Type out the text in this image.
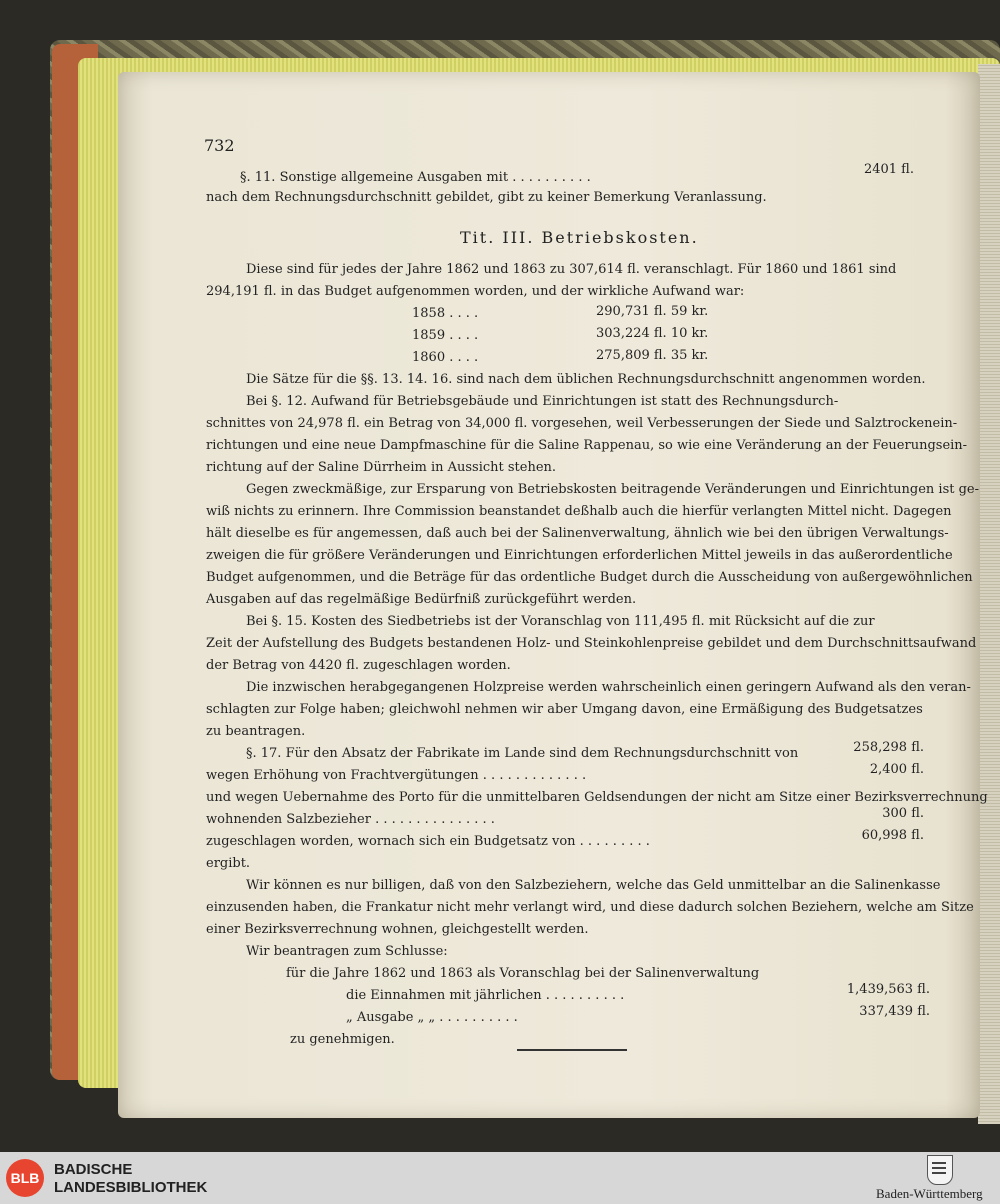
732
§. 11. Sonstige allgemeine Ausgaben mit . . . . . . . . . .
2401 fl.
nach dem Rechnungsdurchschnitt gebildet, gibt zu keiner Bemerkung Veranlassung.
Tit. III. Betriebskosten.
Diese sind für jedes der Jahre 1862 und 1863 zu 307,614 fl. veranschlagt. Für 1860 und 1861 sind
294,191 fl. in das Budget aufgenommen worden, und der wirkliche Aufwand war:
1858 . . . .	290,731 fl. 59 kr.
1859 . . . .	303,224 fl. 10 kr.
1860 . . . .	275,809 fl. 35 kr.
Die Sätze für die §§. 13. 14. 16. sind nach dem üblichen Rechnungsdurchschnitt angenommen worden.
Bei §. 12. Aufwand für Betriebsgebäude und Einrichtungen ist statt des Rechnungsdurch-
schnittes von 24,978 fl. ein Betrag von 34,000 fl. vorgesehen, weil Verbesserungen der Siede und Salztrockenein-
richtungen und eine neue Dampfmaschine für die Saline Rappenau, so wie eine Veränderung an der Feuerungsein-
richtung auf der Saline Dürrheim in Aussicht stehen.
Gegen zweckmäßige, zur Ersparung von Betriebskosten beitragende Veränderungen und Einrichtungen ist ge-
wiß nichts zu erinnern. Ihre Commission beanstandet deßhalb auch die hierfür verlangten Mittel nicht. Dagegen
hält dieselbe es für angemessen, daß auch bei der Salinenverwaltung, ähnlich wie bei den übrigen Verwaltungs-
zweigen die für größere Veränderungen und Einrichtungen erforderlichen Mittel jeweils in das außerordentliche
Budget aufgenommen, und die Beträge für das ordentliche Budget durch die Ausscheidung von außergewöhnlichen
Ausgaben auf das regelmäßige Bedürfniß zurückgeführt werden.
Bei §. 15. Kosten des Siedbetriebs ist der Voranschlag von 111,495 fl. mit Rücksicht auf die zur
Zeit der Aufstellung des Budgets bestandenen Holz- und Steinkohlenpreise gebildet und dem Durchschnittsaufwand
der Betrag von 4420 fl. zugeschlagen worden.
Die inzwischen herabgegangenen Holzpreise werden wahrscheinlich einen geringern Aufwand als den veran-
schlagten zur Folge haben; gleichwohl nehmen wir aber Umgang davon, eine Ermäßigung des Budgetsatzes
zu beantragen.
§. 17. Für den Absatz der Fabrikate im Lande sind dem Rechnungsdurchschnitt von	258,298 fl.
wegen Erhöhung von Frachtvergütungen . . . . . . . . . . . . .	2,400 fl.
und wegen Uebernahme des Porto für die unmittelbaren Geldsendungen der nicht am Sitze einer Bezirksverrechnung
wohnenden Salzbezieher . . . . . . . . . . . . . . .	300 fl.
zugeschlagen worden, wornach sich ein Budgetsatz von . . . . . . . . .	60,998 fl.
ergibt.
Wir können es nur billigen, daß von den Salzbeziehern, welche das Geld unmittelbar an die Salinenkasse
einzusenden haben, die Frankatur nicht mehr verlangt wird, und diese dadurch solchen Beziehern, welche am Sitze
einer Bezirksverrechnung wohnen, gleichgestellt werden.
Wir beantragen zum Schlusse:
für die Jahre 1862 und 1863 als Voranschlag bei der Salinenverwaltung
die Einnahmen mit jährlichen . . . . . . . . . .	1,439,563 fl.
„ Ausgabe „ „ . . . . . . . . . .	337,439 fl.
zu genehmigen.
BLB BADISCHE
LANDESBIBLIOTHEK	Baden-Württemberg
